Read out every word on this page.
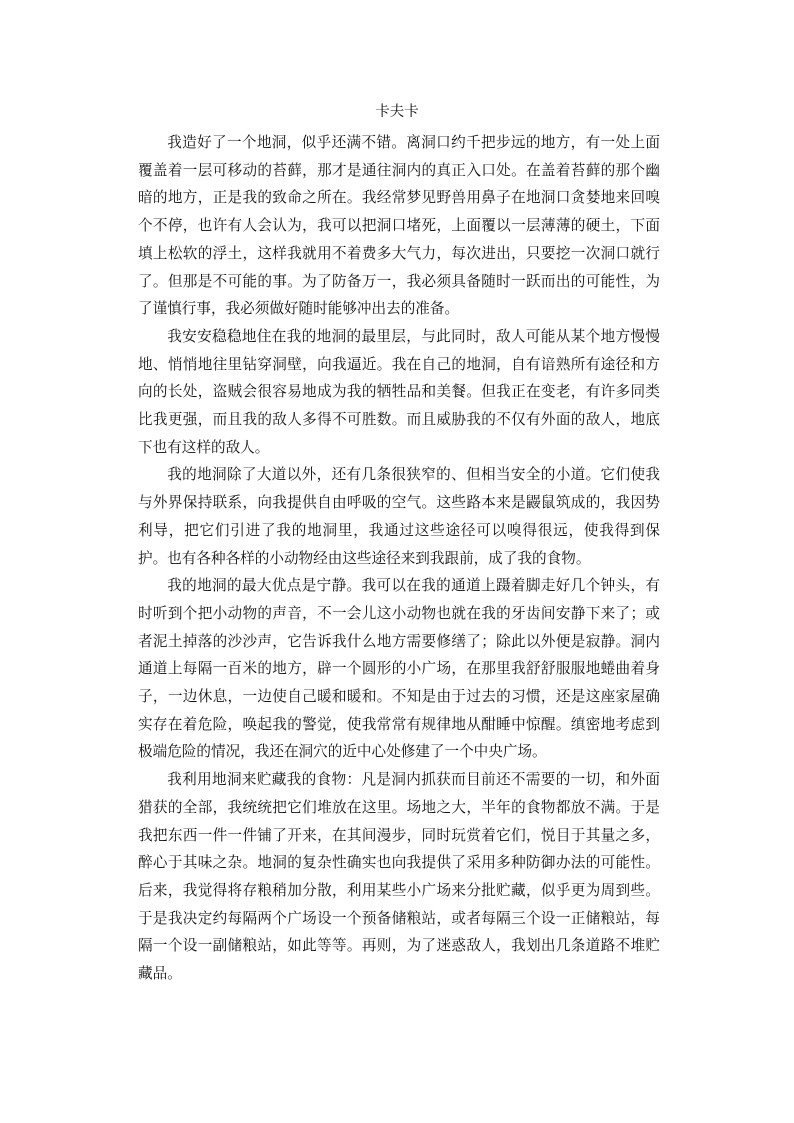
卡夫卡

我造好了一个地洞，似乎还满不错。离洞口约千把步远的地方，有一处上面覆盖着一层可移动的苔藓，那才是通往洞内的真正入口处。在盖着苔藓的那个幽暗的地方，正是我的致命之所在。我经常梦见野兽用鼻子在地洞口贪婪地来回嗅个不停，也许有人会认为，我可以把洞口堵死，上面覆以一层薄薄的硬土，下面填上松软的浮土，这样我就用不着费多大气力，每次进出，只要挖一次洞口就行了。但那是不可能的事。为了防备万一，我必须具备随时一跃而出的可能性，为了谨慎行事，我必须做好随时能够冲出去的准备。

我安安稳稳地住在我的地洞的最里层，与此同时，敌人可能从某个地方慢慢地、悄悄地往里钻穿洞壁，向我逼近。我在自己的地洞，自有谙熟所有途径和方向的长处，盗贼会很容易地成为我的牺牲品和美餐。但我正在变老，有许多同类比我更强，而且我的敌人多得不可胜数。而且威胁我的不仅有外面的敌人，地底下也有这样的敌人。

我的地洞除了大道以外，还有几条很狭窄的、但相当安全的小道。它们使我与外界保持联系，向我提供自由呼吸的空气。这些路本来是鼹鼠筑成的，我因势利导，把它们引进了我的地洞里，我通过这些途径可以嗅得很远，使我得到保护。也有各种各样的小动物经由这些途径来到我跟前，成了我的食物。

我的地洞的最大优点是宁静。我可以在我的通道上蹑着脚走好几个钟头，有时听到个把小动物的声音，不一会儿这小动物也就在我的牙齿间安静下来了；或者泥土掉落的沙沙声，它告诉我什么地方需要修缮了；除此以外便是寂静。洞内通道上每隔一百米的地方，辟一个圆形的小广场，在那里我舒舒服服地蜷曲着身子，一边休息，一边使自己暖和暖和。不知是由于过去的习惯，还是这座家屋确实存在着危险，唤起我的警觉，使我常常有规律地从酣睡中惊醒。缜密地考虑到极端危险的情况，我还在洞穴的近中心处修建了一个中央广场。

我利用地洞来贮藏我的食物：凡是洞内抓获而目前还不需要的一切，和外面猎获的全部，我统统把它们堆放在这里。场地之大，半年的食物都放不满。于是我把东西一件一件铺了开来，在其间漫步，同时玩赏着它们，悦目于其量之多，醉心于其味之杂。地洞的复杂性确实也向我提供了采用多种防御办法的可能性。后来，我觉得将存粮稍加分散，利用某些小广场来分批贮藏，似乎更为周到些。于是我决定约每隔两个广场设一个预备储粮站，或者每隔三个设一正储粮站，每隔一个设一副储粮站，如此等等。再则，为了迷惑敌人，我划出几条道路不堆贮藏品。
